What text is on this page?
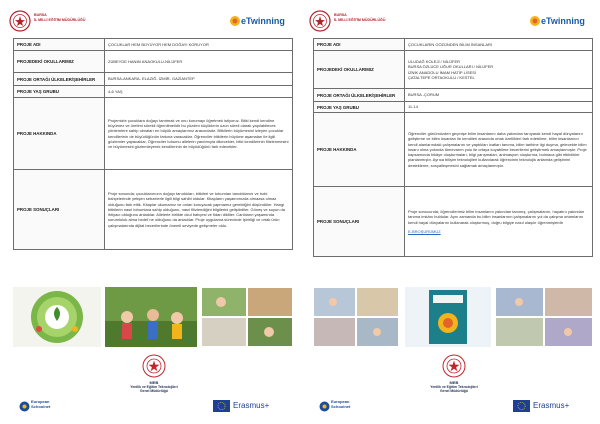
BURSA
İL MİLLİ EĞİTİM MÜDÜRLÜĞÜ	eTwinning
PROJE ADI	ÇOCUKLAR HEM BÜYÜYOR HEM DOĞAYI KORUYOR
PROJEDEKİ OKULLARIMIZ	ZÜBEYDE HANIM ANAOKULU-NİLÜFER
PROJE ORTAĞI ÜLKELER/ŞEHİRLER	BURSA-ANKARA- ELAZIĞ- İZMİR- GAZİANTEP
PROJE YAŞ GRUBU	4-6 YAŞ
PROJE HAKKINDA	Projemizle çocuklara doğayı tanıtmak ve onu korumayı öğretmek istiyoruz. Bitki kendi kendine büyümez ve üretimi sürekli öğrenilmelidir bu yüzden küçüklerin uzun süreli olarak yapılabilecek yöntemlere sahip olmaları en büyük amaçlarımız arasındadır. Bitkilerin büyümesini izleyen çocuklar kendilerinin de büyüdüğünün farkına varacaklar. Öğrenciler bitkilerin büyüme aşamaları ile ilgili gözlemler yapacaklar, Öğrenciler tohumu ailelerin yardımıyla dikecekler, bitki kendilerinin filizlenmesini ve büyümesini gözlemleyerek kendilerinin de büyüdüğünü fark edecekler.
PROJE SONUÇLARI	Proje sonunda; çocuklarımızın doğayı tanıdıkları, bitkileri ve tohumları tanıdıklarını ve hobi bahçelerinde yetişen sebzelerle ilgili bilgi sahibi oldular. Kitapların yaşamımızda olmazsa olmaz olduğunu fark ettik. Kitaplar okumamız ve onları koruyacak yapmamız gerektiğini düşündüler. Hangi bitkilerin nasıl tohumlara sahip olduğunu, nasıl filizlendiğini bilgilerini geliştirdiler. Güneş ve suyun da ihtiyacı olduğunu anladılar. Ailelerle birlikte okul bahçesi ve fidan diktiler. Canlıların yaşamında sorumluluk alma hedef ne olduğunu da anladılar. Proje uygulama sürecinde işbirliği ve ortak ürün çalışmalarında dijital becerilerinde önemli seviyede gelişmeler oldu.
European
Schoolnet
MEB
Yenilik ve Eğitim Teknolojileri
Genel Müdürlüğü
Erasmus+
BURSA
İL MİLLİ EĞİTİM MÜDÜRLÜĞÜ	eTwinning
PROJE ADI	ÇOCUKLARIN GÖZÜNDEN BİLİM İNSANLARI
PROJEDEKİ OKULLARIMIZ	ULUDAĞ KOLEJİ / NİLÜFER
BURSA ÖZLÜCE UĞUR OKULLARI / NİLÜFER
İZNİK ANADOLU İMAM HATİP LİSESİ
ÇATALTEPE ORTAOKULU / KESTEL

PROJE ORTAĞI ÜLKELER/ŞEHİRLER	BURSA -ÇORUM
PROJE YAŞ GRUBU	11-14
PROJE HAKKINDA	Öğrenciler günümüzden geçmişe bilim insanlarını daha yakından tanıyarak kendi hayal dünyalarını geliştirme ve bilim insanları ile kendileri arasında ortak özellikleri fark edebilme, bilim insanlarının kendi alanlarındaki çalışmalarını ve yaptıkları icatları tanıma, bilim tarihine ilgi duyma, gelecekte bilim insanı olma yolunda tümevarım yolu ile ortaya koyabilme becerilerini geliştirmek amaçlanmıştır. Proje kapsamında hikâye oluşturmaları, bilgi yarışmaları, animasyon oluşturma, bulmaca gibi etkinlikler planlanmıştır. Ayrıca bilişim teknolojileri kullanılarak öğrencinin teknolojik anlamda gelişimini destekleme, sosyalleşmesini sağlamak amaçlanmıştır.
PROJE SONUÇLARI	Proje sonucunda; öğrencilerimiz bilim insanlarını yakından tanımış, çalışmalarını, hayatını yakından tanıma imkânı buldular. Aynı zamanda bu bilim insanlarının çalışmalarını yol da çalışma ortamlarını kendi hayal dünyalarını kullanarak oluşturmuş, doğru bilgiye nasıl ulaşılır öğrenmişlerdir
E-BROŞÜRÜMÜZ
European
Schoolnet
MEB
Yenilik ve Eğitim Teknolojileri
Genel Müdürlüğü
Erasmus+
